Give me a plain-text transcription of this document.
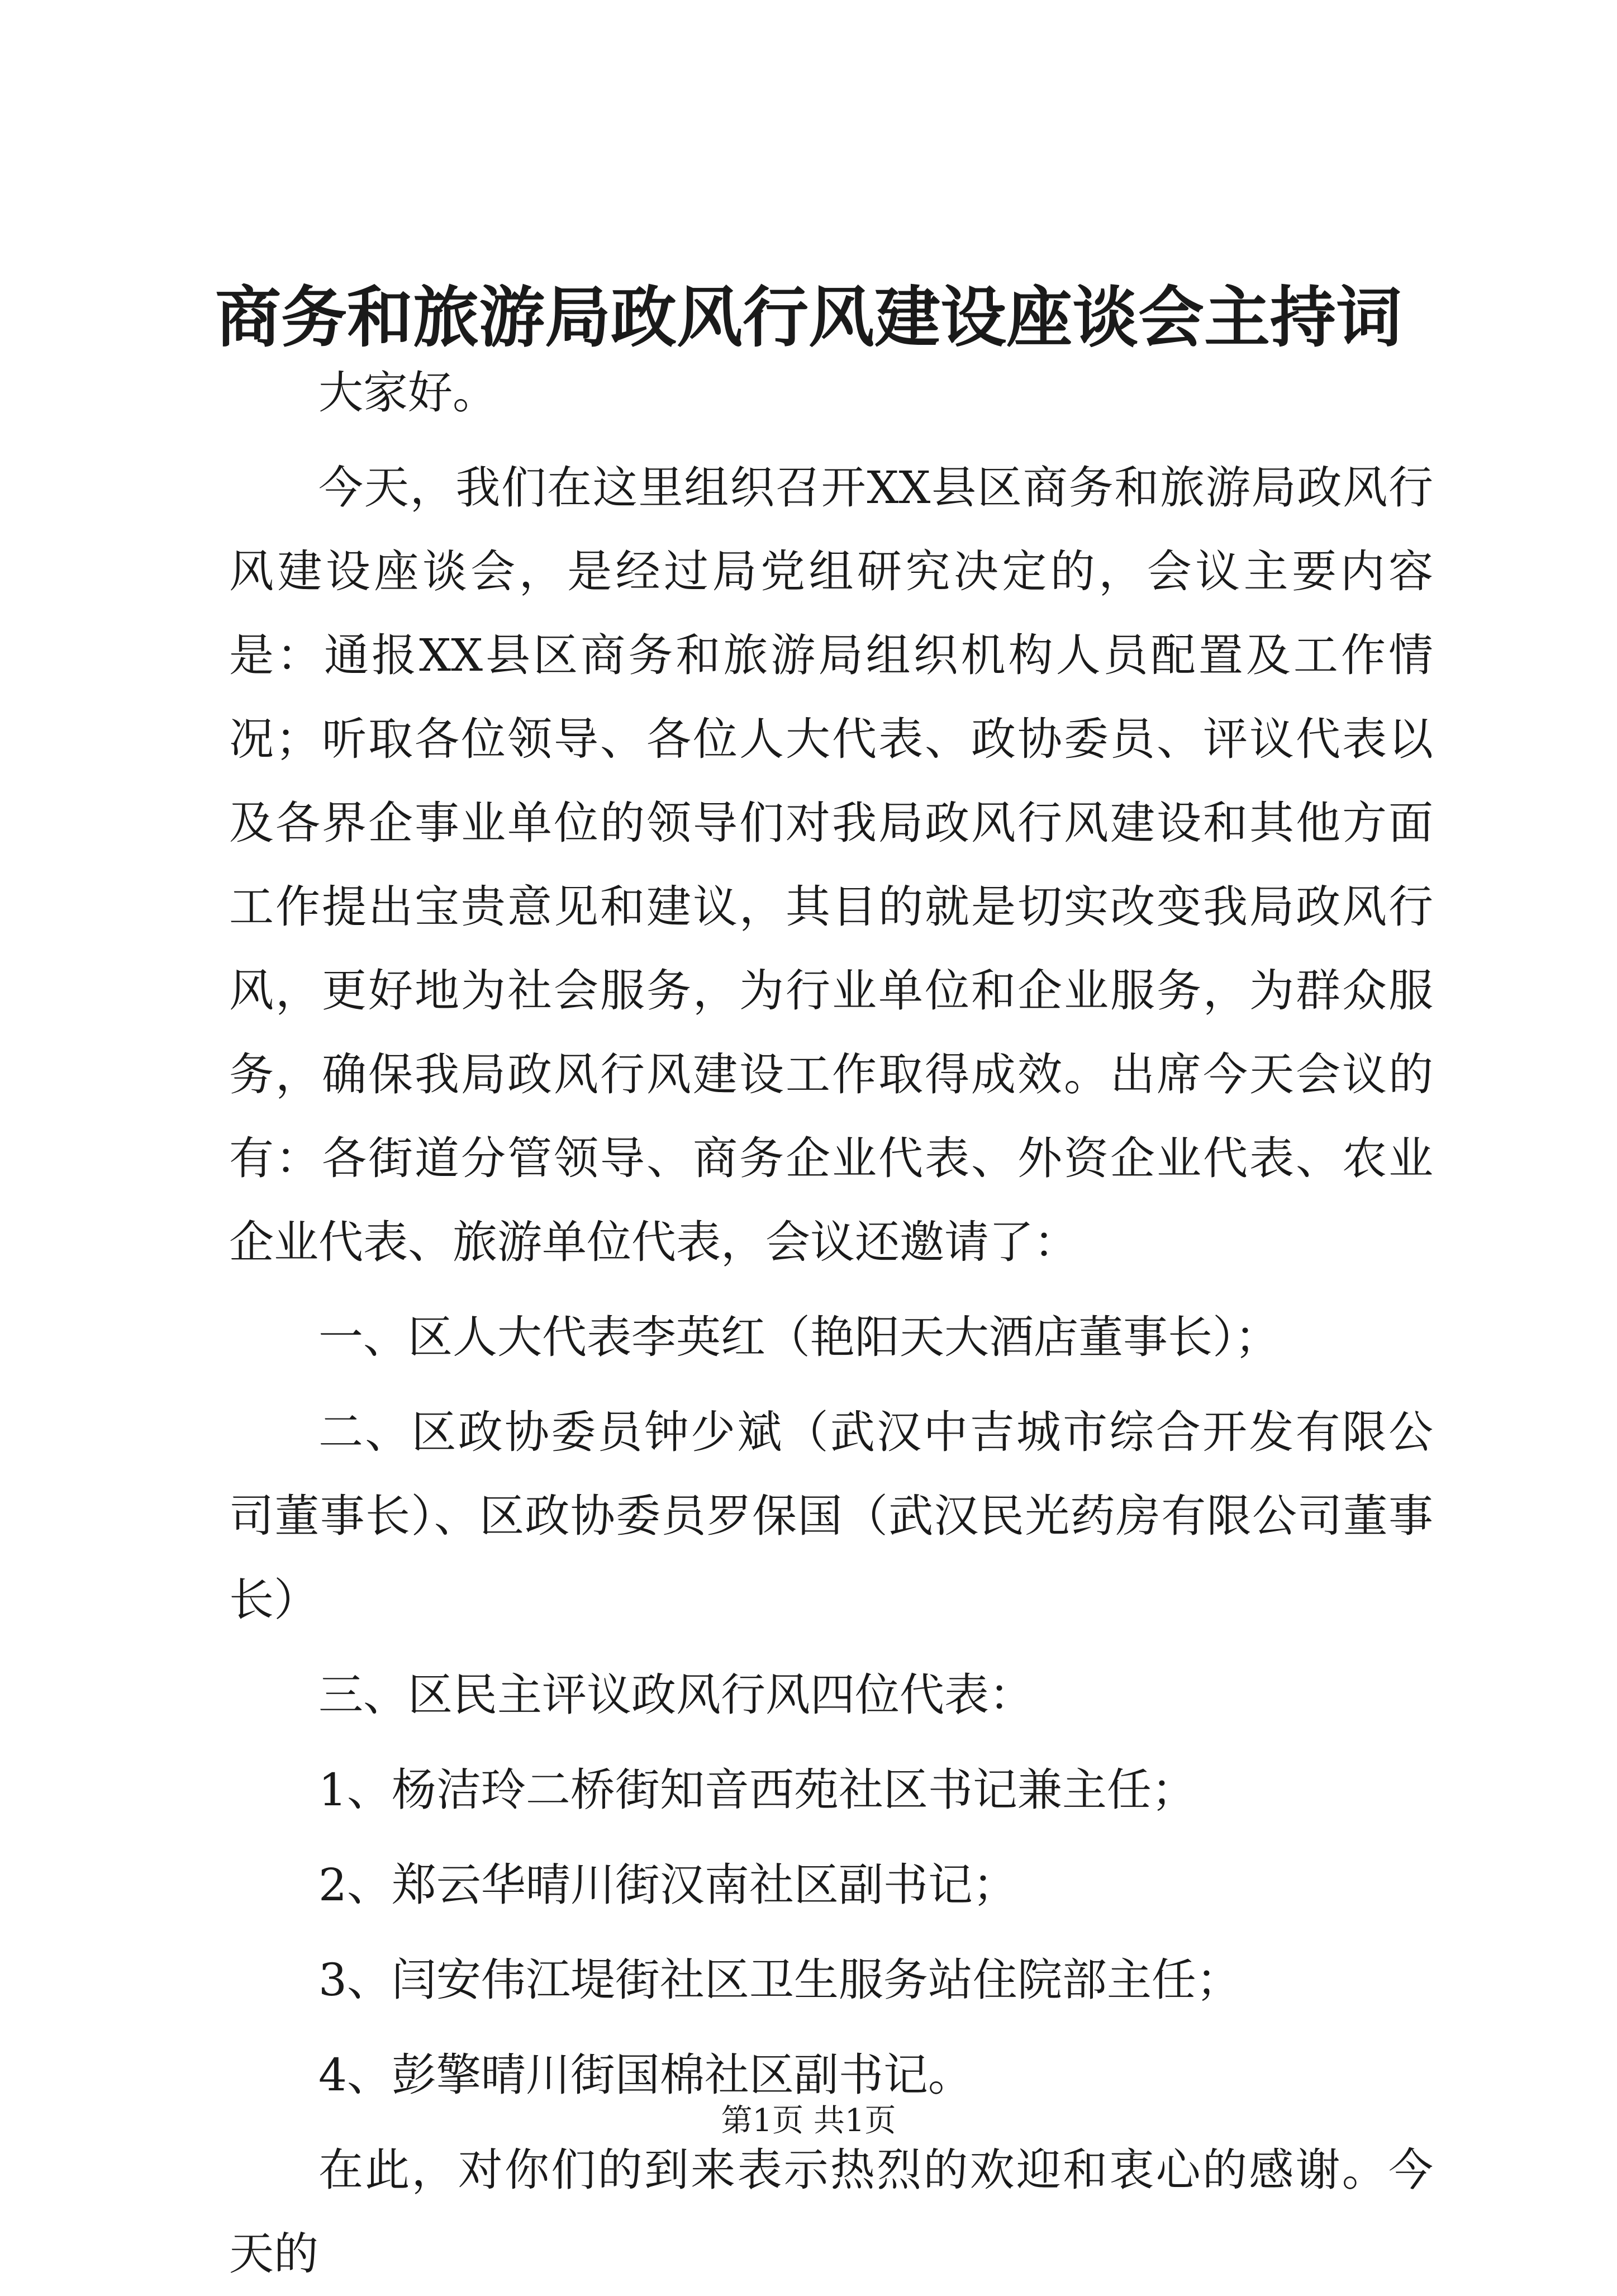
商务和旅游局政风行风建设座谈会主持词

大家好。

今天，我们在这里组织召开XX县区商务和旅游局政风行风建设座谈会，是经过局党组研究决定的，会议主要内容是：通报XX县区商务和旅游局组织机构人员配置及工作情况；听取各位领导、各位人大代表、政协委员、评议代表以及各界企事业单位的领导们对我局政风行风建设和其他方面工作提出宝贵意见和建议，其目的就是切实改变我局政风行风，更好地为社会服务，为行业单位和企业服务，为群众服务，确保我局政风行风建设工作取得成效。出席今天会议的有：各街道分管领导、商务企业代表、外资企业代表、农业企业代表、旅游单位代表，会议还邀请了：

一、区人大代表李英红（艳阳天大酒店董事长）；

二、区政协委员钟少斌（武汉中吉城市综合开发有限公司董事长）、区政协委员罗保国（武汉民光药房有限公司董事长）

三、区民主评议政风行风四位代表：

1、杨洁玲二桥街知音西苑社区书记兼主任；

2、郑云华晴川街汉南社区副书记；

3、闫安伟江堤街社区卫生服务站住院部主任；

4、彭擎晴川街国棉社区副书记。

在此，对你们的到来表示热烈的欢迎和衷心的感谢。今天的

第1页 共1页
